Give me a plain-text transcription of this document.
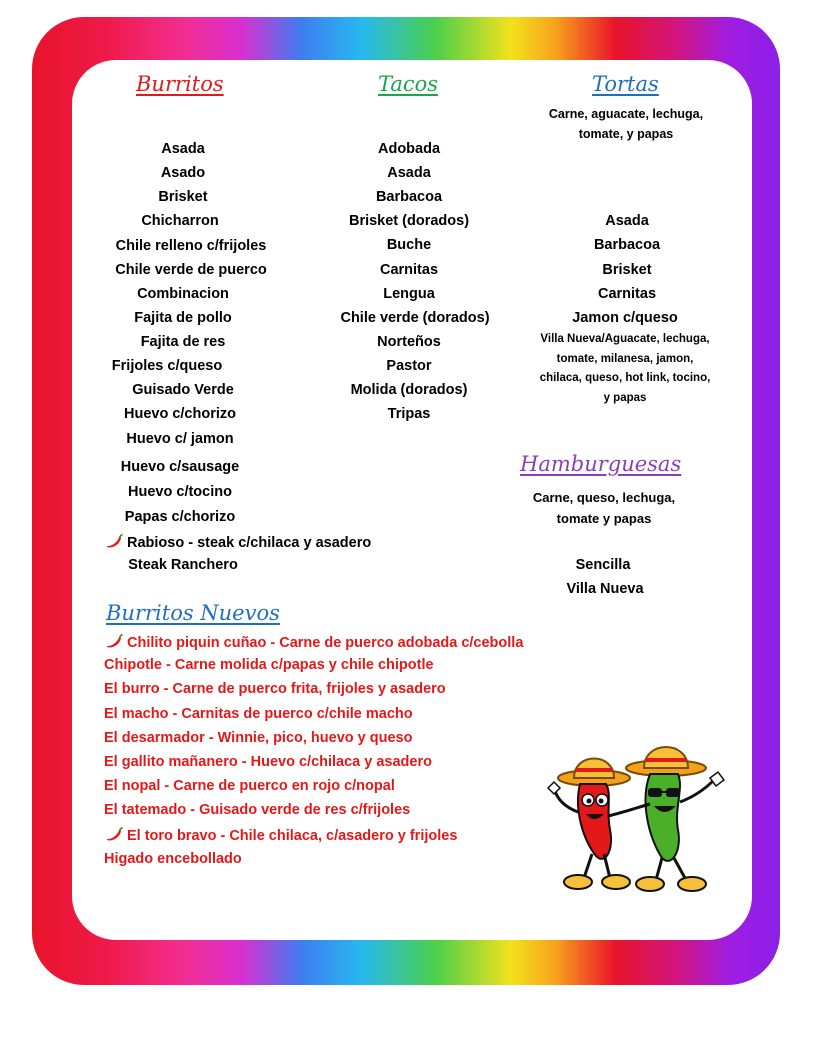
Burritos	Tacos	Tortas
Hamburguesas
Burritos Nuevos
Asada
Asado
Brisket
Chicharron
Chile relleno c/frijoles
Chile verde de puerco
Combinacion
Fajita de pollo
Fajita de res
Frijoles c/queso
Guisado Verde
Huevo c/chorizo
Huevo c/ jamon
Huevo c/sausage
Huevo c/tocino
Papas c/chorizo
Rabioso - steak c/chilaca y asadero
Steak Ranchero
Adobada
Asada
Barbacoa
Brisket (dorados)
Buche
Carnitas
Lengua
Chile verde (dorados)
Norteños
Pastor
Molida (dorados)
Tripas
Carne, aguacate, lechuga, tomate, y papas
Asada
Barbacoa
Brisket
Carnitas
Jamon c/queso
Villa Nueva/Aguacate, lechuga, tomate, milanesa, jamon, chilaca, queso, hot link, tocino, y papas
Carne, queso, lechuga, tomate y papas
Sencilla
Villa Nueva
Chilito piquin cuñao - Carne de puerco adobada c/cebolla
Chipotle - Carne molida c/papas y chile chipotle
El burro - Carne de puerco frita, frijoles y asadero
El macho - Carnitas de puerco c/chile macho
El desarmador - Winnie, pico, huevo y queso
El gallito mañanero - Huevo c/chilaca y asadero
El nopal - Carne de puerco en rojo c/nopal
El tatemado - Guisado verde de res c/frijoles
El toro bravo - Chile chilaca, c/asadero y frijoles
Higado encebollado
